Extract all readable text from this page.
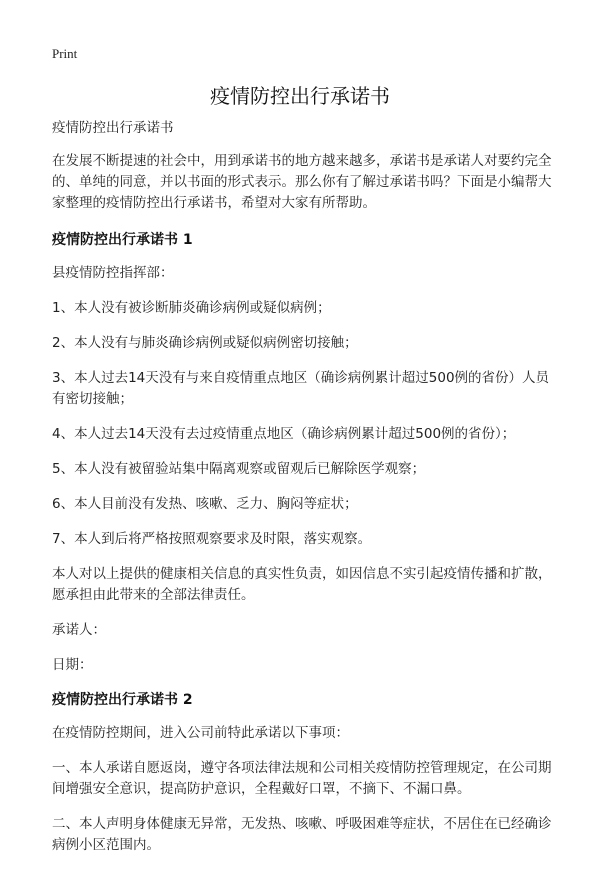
Print
疫情防控出行承诺书

疫情防控出行承诺书

在发展不断提速的社会中，用到承诺书的地方越来越多，承诺书是承诺人对要约完全的、单纯的同意，并以书面的形式表示。那么你有了解过承诺书吗？下面是小编帮大家整理的疫情防控出行承诺书，希望对大家有所帮助。

疫情防控出行承诺书 1

县疫情防控指挥部：

1、本人没有被诊断肺炎确诊病例或疑似病例；

2、本人没有与肺炎确诊病例或疑似病例密切接触；

3、本人过去14天没有与来自疫情重点地区（确诊病例累计超过500例的省份）人员有密切接触；

4、本人过去14天没有去过疫情重点地区（确诊病例累计超过500例的省份）；

5、本人没有被留验站集中隔离观察或留观后已解除医学观察；

6、本人目前没有发热、咳嗽、乏力、胸闷等症状；

7、本人到后将严格按照观察要求及时限，落实观察。

本人对以上提供的健康相关信息的真实性负责，如因信息不实引起疫情传播和扩散，愿承担由此带来的全部法律责任。

承诺人：

日期：

疫情防控出行承诺书 2

在疫情防控期间，进入公司前特此承诺以下事项：

一、本人承诺自愿返岗，遵守各项法律法规和公司相关疫情防控管理规定，在公司期间增强安全意识，提高防护意识，全程戴好口罩，不摘下、不漏口鼻。

二、本人声明身体健康无异常，无发热、咳嗽、呼吸困难等症状，不居住在已经确诊病例小区范围内。
